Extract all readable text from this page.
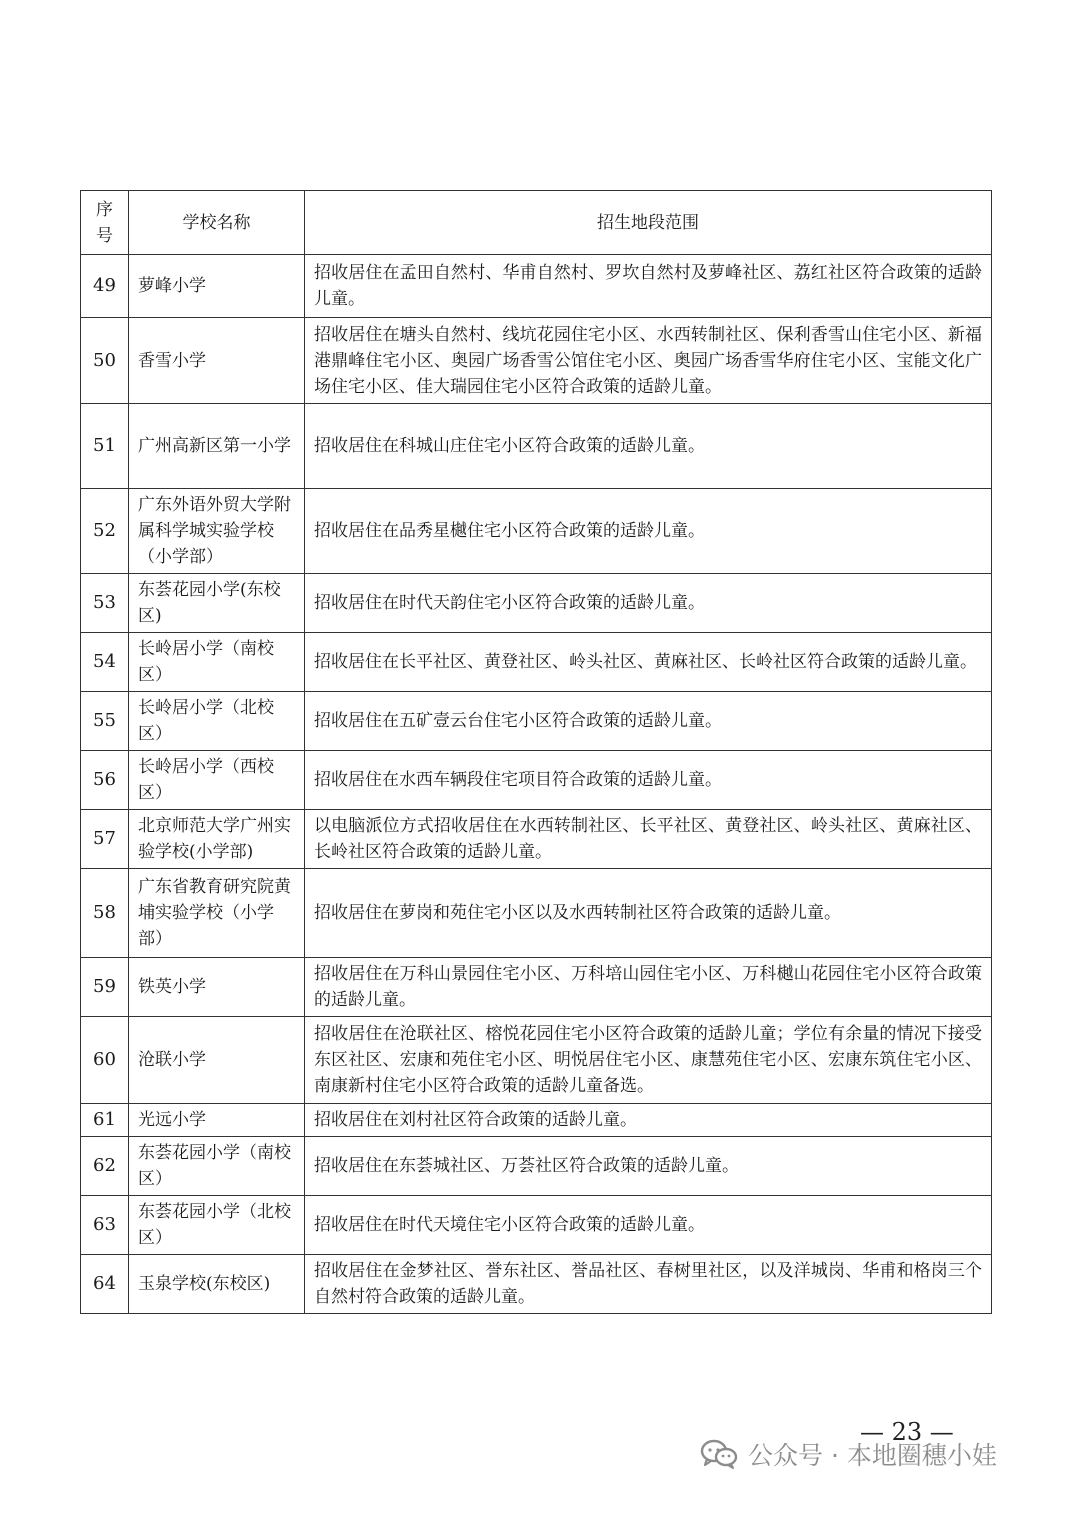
序号	学校名称	招生地段范围
49	萝峰小学	招收居住在孟田自然村、华甫自然村、罗坎自然村及萝峰社区、荔红社区符合政策的适龄儿童。
50	香雪小学	招收居住在塘头自然村、线坑花园住宅小区、水西转制社区、保利香雪山住宅小区、新福港鼎峰住宅小区、奥园广场香雪公馆住宅小区、奥园广场香雪华府住宅小区、宝能文化广场住宅小区、佳大瑞园住宅小区符合政策的适龄儿童。
51	广州高新区第一小学	招收居住在科城山庄住宅小区符合政策的适龄儿童。
52	广东外语外贸大学附属科学城实验学校（小学部）	招收居住在品秀星樾住宅小区符合政策的适龄儿童。
53	东荟花园小学(东校区)	招收居住在时代天韵住宅小区符合政策的适龄儿童。
54	长岭居小学（南校区）	招收居住在长平社区、黄登社区、岭头社区、黄麻社区、长岭社区符合政策的适龄儿童。
55	长岭居小学（北校区）	招收居住在五矿壹云台住宅小区符合政策的适龄儿童。
56	长岭居小学（西校区）	招收居住在水西车辆段住宅项目符合政策的适龄儿童。
57	北京师范大学广州实验学校(小学部)	以电脑派位方式招收居住在水西转制社区、长平社区、黄登社区、岭头社区、黄麻社区、长岭社区符合政策的适龄儿童。
58	广东省教育研究院黄埔实验学校（小学部）	招收居住在萝岗和苑住宅小区以及水西转制社区符合政策的适龄儿童。
59	铁英小学	招收居住在万科山景园住宅小区、万科培山园住宅小区、万科樾山花园住宅小区符合政策的适龄儿童。
60	沧联小学	招收居住在沧联社区、榕悦花园住宅小区符合政策的适龄儿童；学位有余量的情况下接受东区社区、宏康和苑住宅小区、明悦居住宅小区、康慧苑住宅小区、宏康东筑住宅小区、南康新村住宅小区符合政策的适龄儿童备选。
61	光远小学	招收居住在刘村社区符合政策的适龄儿童。
62	东荟花园小学（南校区）	招收居住在东荟城社区、万荟社区符合政策的适龄儿童。
63	东荟花园小学（北校区）	招收居住在时代天境住宅小区符合政策的适龄儿童。
64	玉泉学校(东校区)	招收居住在金梦社区、誉东社区、誉品社区、春树里社区，以及洋城岗、华甫和格岗三个自然村符合政策的适龄儿童。
— 23 —
公众号 · 本地圈穗小娃
